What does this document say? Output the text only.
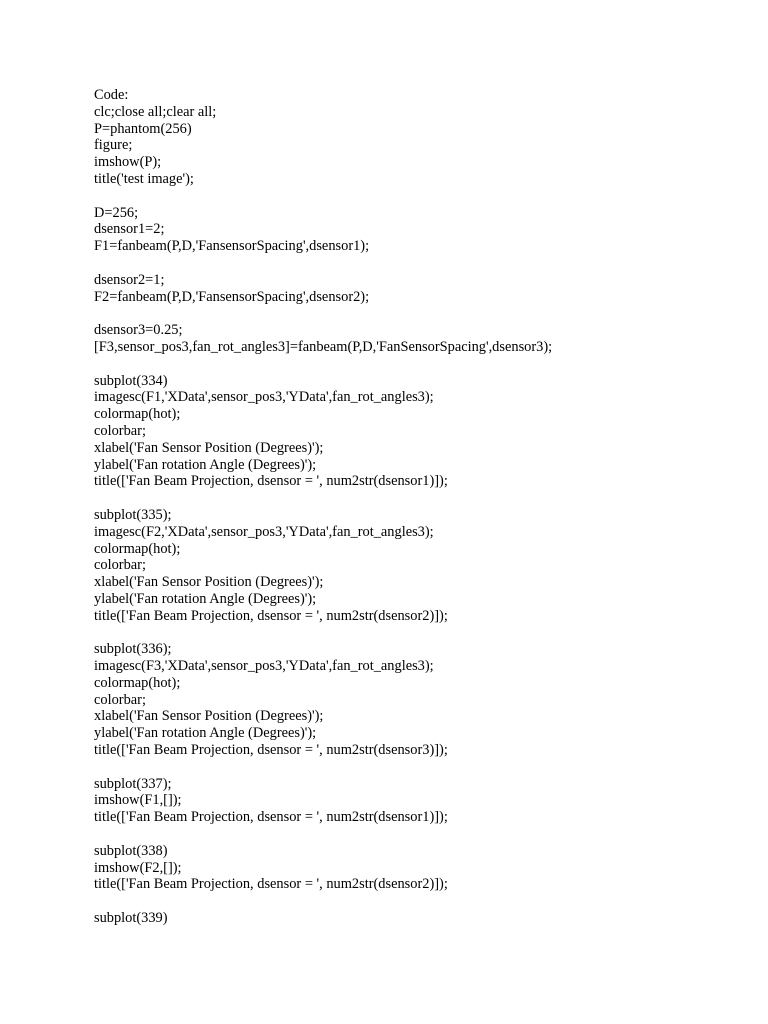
Code:
clc;close all;clear all;
P=phantom(256)
figure;
imshow(P);
title('test image');
D=256;
dsensor1=2;
F1=fanbeam(P,D,'FansensorSpacing',dsensor1);
dsensor2=1;
F2=fanbeam(P,D,'FansensorSpacing',dsensor2);
dsensor3=0.25;
[F3,sensor_pos3,fan_rot_angles3]=fanbeam(P,D,'FanSensorSpacing',dsensor3);
subplot(334)
imagesc(F1,'XData',sensor_pos3,'YData',fan_rot_angles3);
colormap(hot);
colorbar;
xlabel('Fan Sensor Position (Degrees)');
ylabel('Fan rotation Angle (Degrees)');
title(['Fan Beam Projection, dsensor = ', num2str(dsensor1)]);
subplot(335);
imagesc(F2,'XData',sensor_pos3,'YData',fan_rot_angles3);
colormap(hot);
colorbar;
xlabel('Fan Sensor Position (Degrees)');
ylabel('Fan rotation Angle (Degrees)');
title(['Fan Beam Projection, dsensor = ', num2str(dsensor2)]);
subplot(336);
imagesc(F3,'XData',sensor_pos3,'YData',fan_rot_angles3);
colormap(hot);
colorbar;
xlabel('Fan Sensor Position (Degrees)');
ylabel('Fan rotation Angle (Degrees)');
title(['Fan Beam Projection, dsensor = ', num2str(dsensor3)]);
subplot(337);
imshow(F1,[]);
title(['Fan Beam Projection, dsensor = ', num2str(dsensor1)]);
subplot(338)
imshow(F2,[]);
title(['Fan Beam Projection, dsensor = ', num2str(dsensor2)]);
subplot(339)
